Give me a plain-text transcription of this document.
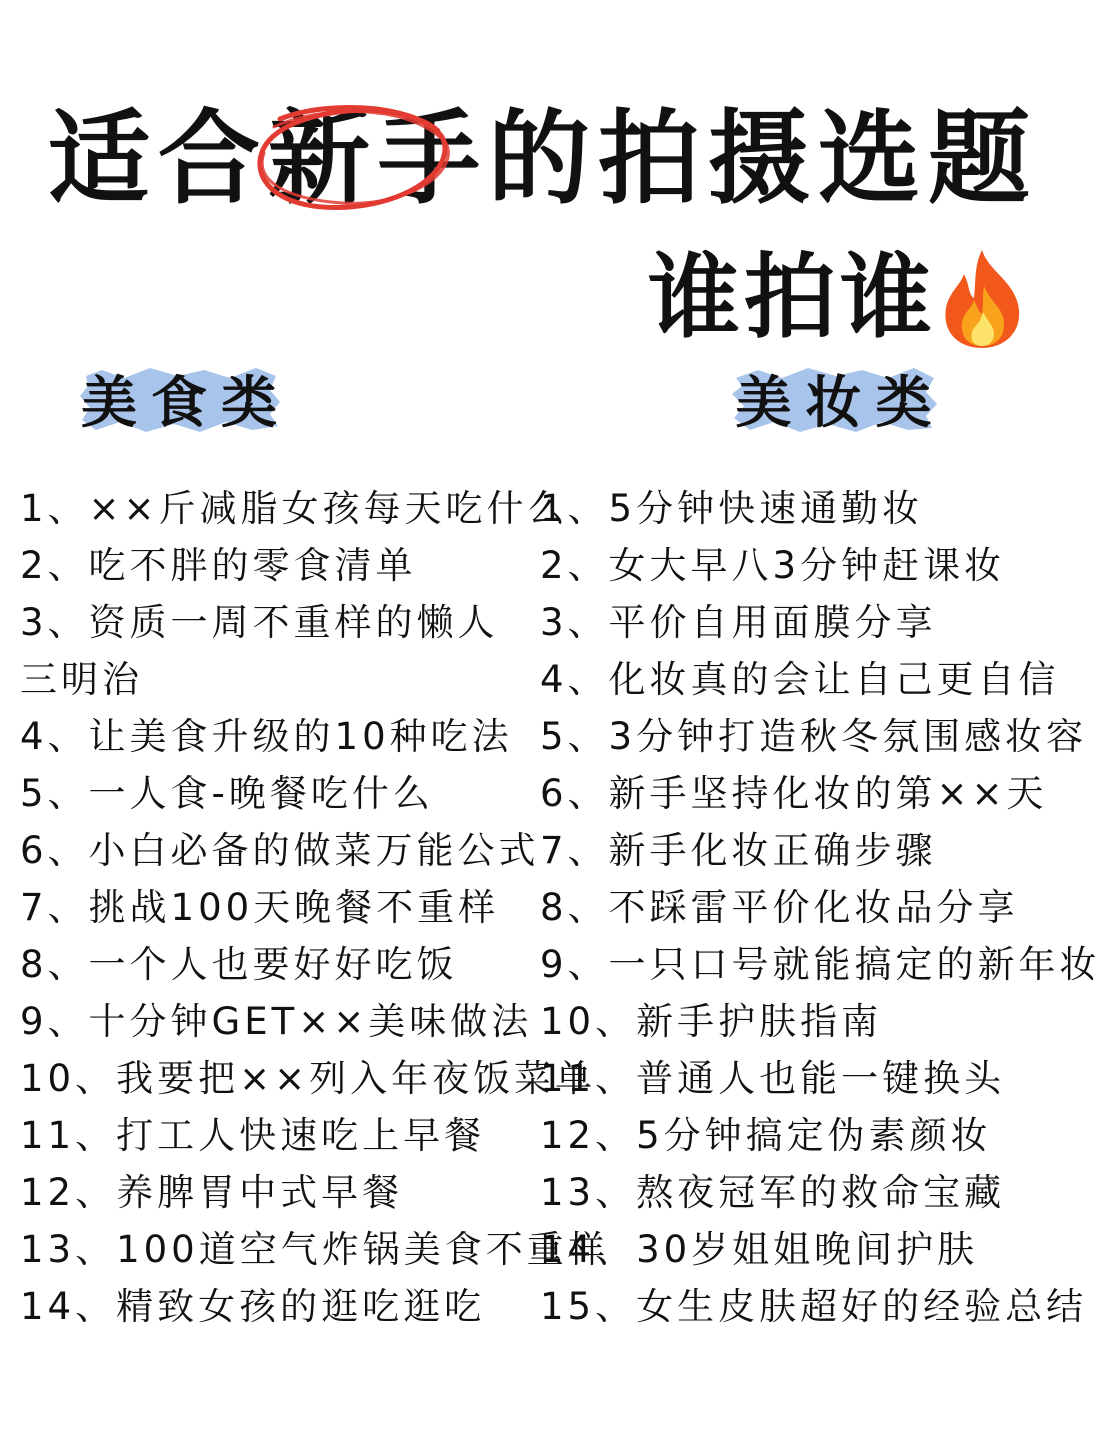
适合 新手 的拍摄选题
谁拍谁
美食类	美妆类
1、××斤减脂女孩每天吃什么
2、吃不胖的零食清单
3、资质一周不重样的懒人三明治
4、让美食升级的10种吃法
5、一人食-晚餐吃什么
6、小白必备的做菜万能公式
7、挑战100天晚餐不重样
8、一个人也要好好吃饭
9、十分钟GET××美味做法
10、我要把××列入年夜饭菜单
11、打工人快速吃上早餐
12、养脾胃中式早餐
13、100道空气炸锅美食不重样
14、精致女孩的逛吃逛吃
1、5分钟快速通勤妆
2、女大早八3分钟赶课妆
3、平价自用面膜分享
4、化妆真的会让自己更自信
5、3分钟打造秋冬氛围感妆容
6、新手坚持化妆的第××天
7、新手化妆正确步骤
8、不踩雷平价化妆品分享
9、一只口号就能搞定的新年妆
10、新手护肤指南
11、普通人也能一键换头
12、5分钟搞定伪素颜妆
13、熬夜冠军的救命宝藏
14、30岁姐姐晚间护肤
15、女生皮肤超好的经验总结
